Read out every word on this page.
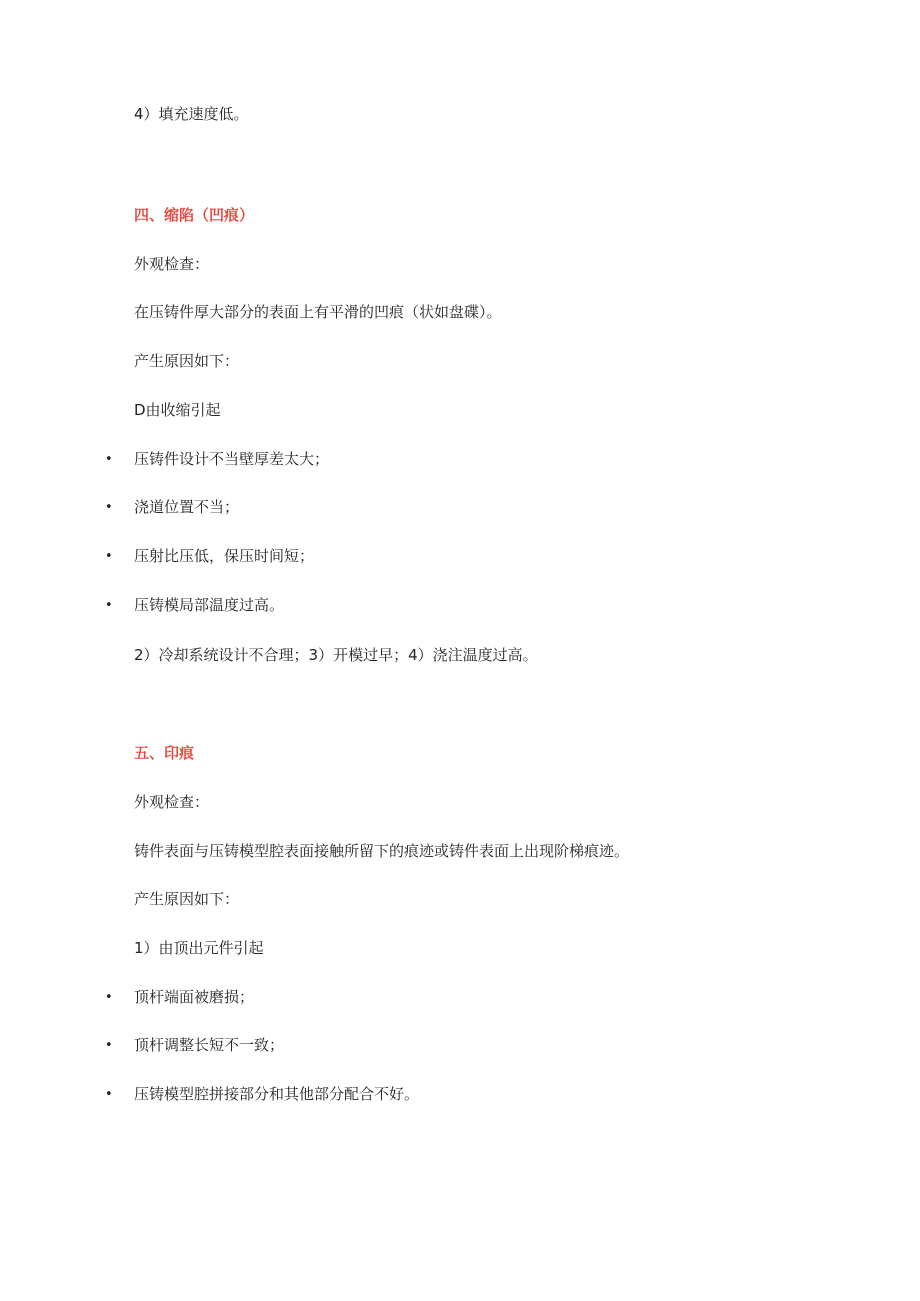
4）填充速度低。
四、缩陷（凹痕）
外观检查：
在压铸件厚大部分的表面上有平滑的凹痕（状如盘碟）。
产生原因如下：
D由收缩引起
• 压铸件设计不当壁厚差太大；
• 浇道位置不当；
• 压射比压低，保压时间短；
• 压铸模局部温度过高。
2）冷却系统设计不合理；3）开模过早；4）浇注温度过高。
五、印痕
外观检查：
铸件表面与压铸模型腔表面接触所留下的痕迹或铸件表面上出现阶梯痕迹。
产生原因如下：
1）由顶出元件引起
• 顶杆端面被磨损；
• 顶杆调整长短不一致；
• 压铸模型腔拼接部分和其他部分配合不好。
